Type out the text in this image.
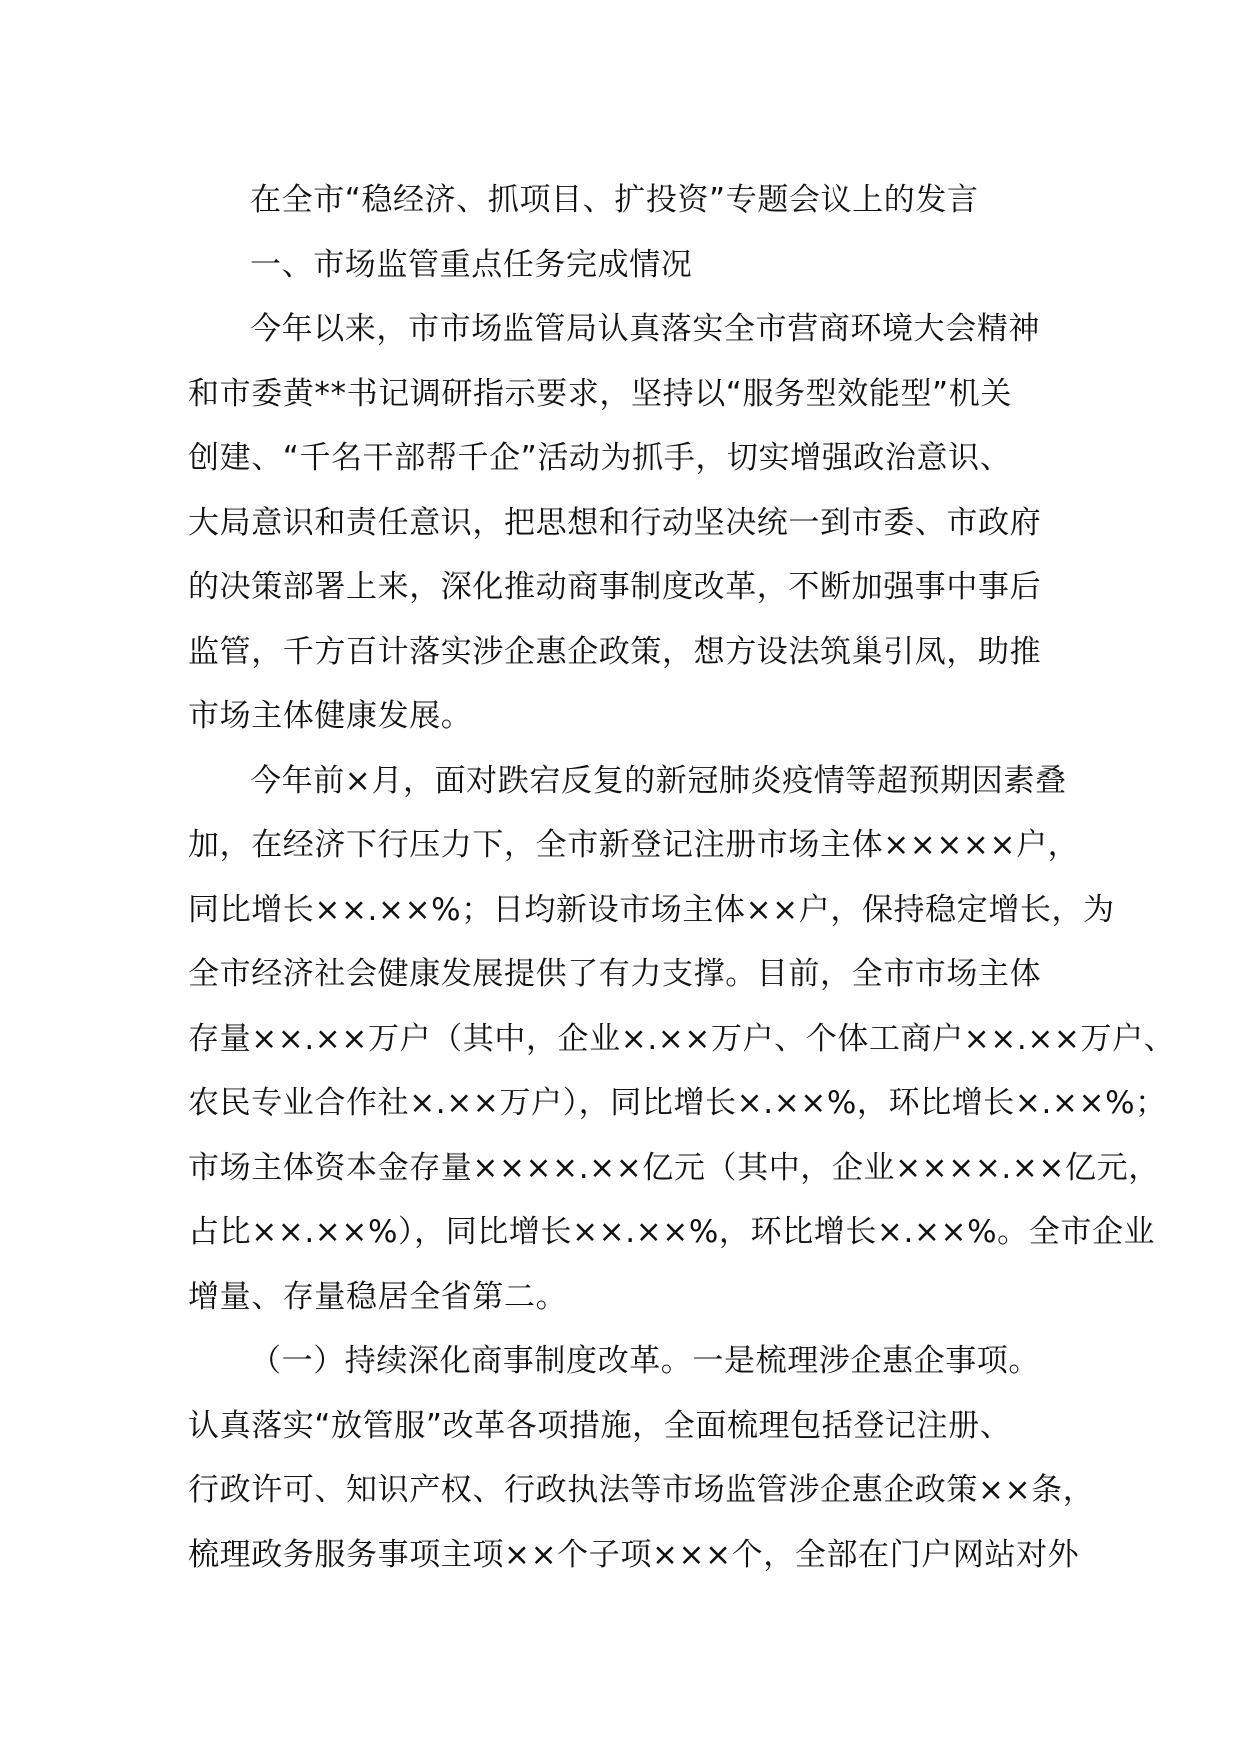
在全市“稳经济、抓项目、扩投资”专题会议上的发言
一、市场监管重点任务完成情况
今年以来，市市场监管局认真落实全市营商环境大会精神
和市委黄**书记调研指示要求，坚持以“服务型效能型”机关
创建、“千名干部帮千企”活动为抓手，切实增强政治意识、
大局意识和责任意识，把思想和行动坚决统一到市委、市政府
的决策部署上来，深化推动商事制度改革，不断加强事中事后
监管，千方百计落实涉企惠企政策，想方设法筑巢引凤，助推
市场主体健康发展。
今年前×月，面对跌宕反复的新冠肺炎疫情等超预期因素叠
加，在经济下行压力下，全市新登记注册市场主体×××××户，
同比增长××.××%；日均新设市场主体××户，保持稳定增长，为
全市经济社会健康发展提供了有力支撑。目前，全市市场主体
存量××.××万户（其中，企业×.××万户、个体工商户××.××万户、
农民专业合作社×.××万户），同比增长×.××%，环比增长×.××%；
市场主体资本金存量××××.××亿元（其中，企业××××.××亿元，
占比××.××%），同比增长××.××%，环比增长×.××%。全市企业
增量、存量稳居全省第二。
（一）持续深化商事制度改革。一是梳理涉企惠企事项。
认真落实“放管服”改革各项措施，全面梳理包括登记注册、
行政许可、知识产权、行政执法等市场监管涉企惠企政策××条，
梳理政务服务事项主项××个子项×××个，全部在门户网站对外
